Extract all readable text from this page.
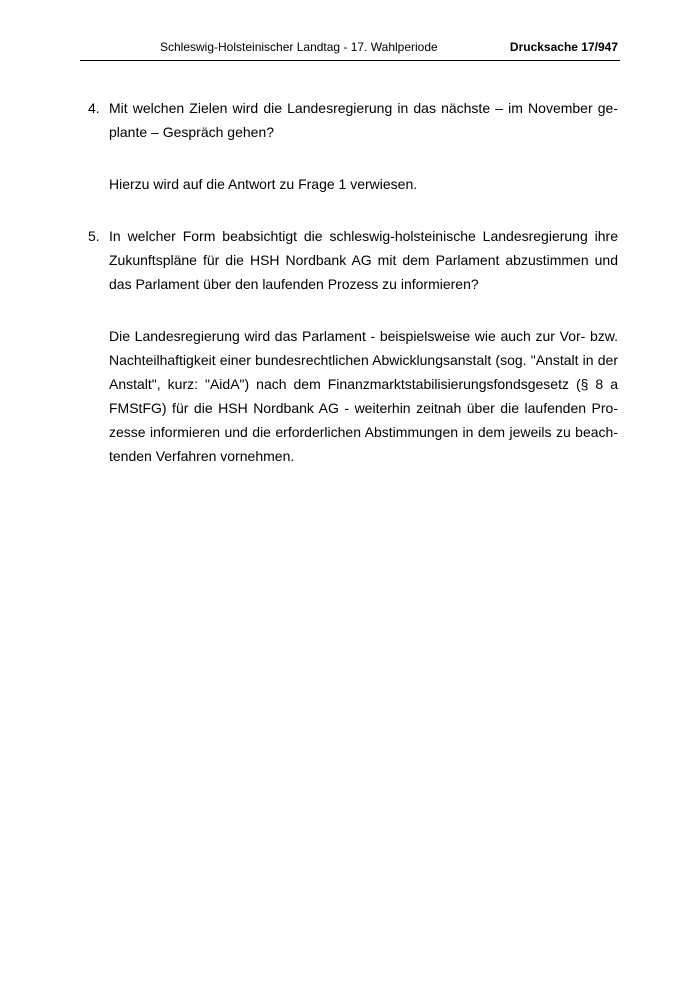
Schleswig-Holsteinischer Landtag - 17. Wahlperiode	Drucksache 17/947
4. Mit welchen Zielen wird die Landesregierung in das nächste – im November geplante – Gespräch gehen?
Hierzu wird auf die Antwort zu Frage 1 verwiesen.
5. In welcher Form beabsichtigt die schleswig-holsteinische Landesregierung ihre Zukunftspläne für die HSH Nordbank AG mit dem Parlament abzustimmen und das Parlament über den laufenden Prozess zu informieren?
Die Landesregierung wird das Parlament - beispielsweise wie auch zur Vor- bzw. Nachteilhaftigkeit einer bundesrechtlichen Abwicklungsanstalt (sog. "Anstalt in der Anstalt", kurz: "AidA") nach dem Finanzmarktstabilisierungsfondsgesetz (§ 8 a FMStFG) für die HSH Nordbank AG - weiterhin zeitnah über die laufenden Prozesse informieren und die erforderlichen Abstimmungen in dem jeweils zu beachtenden Verfahren vornehmen.
